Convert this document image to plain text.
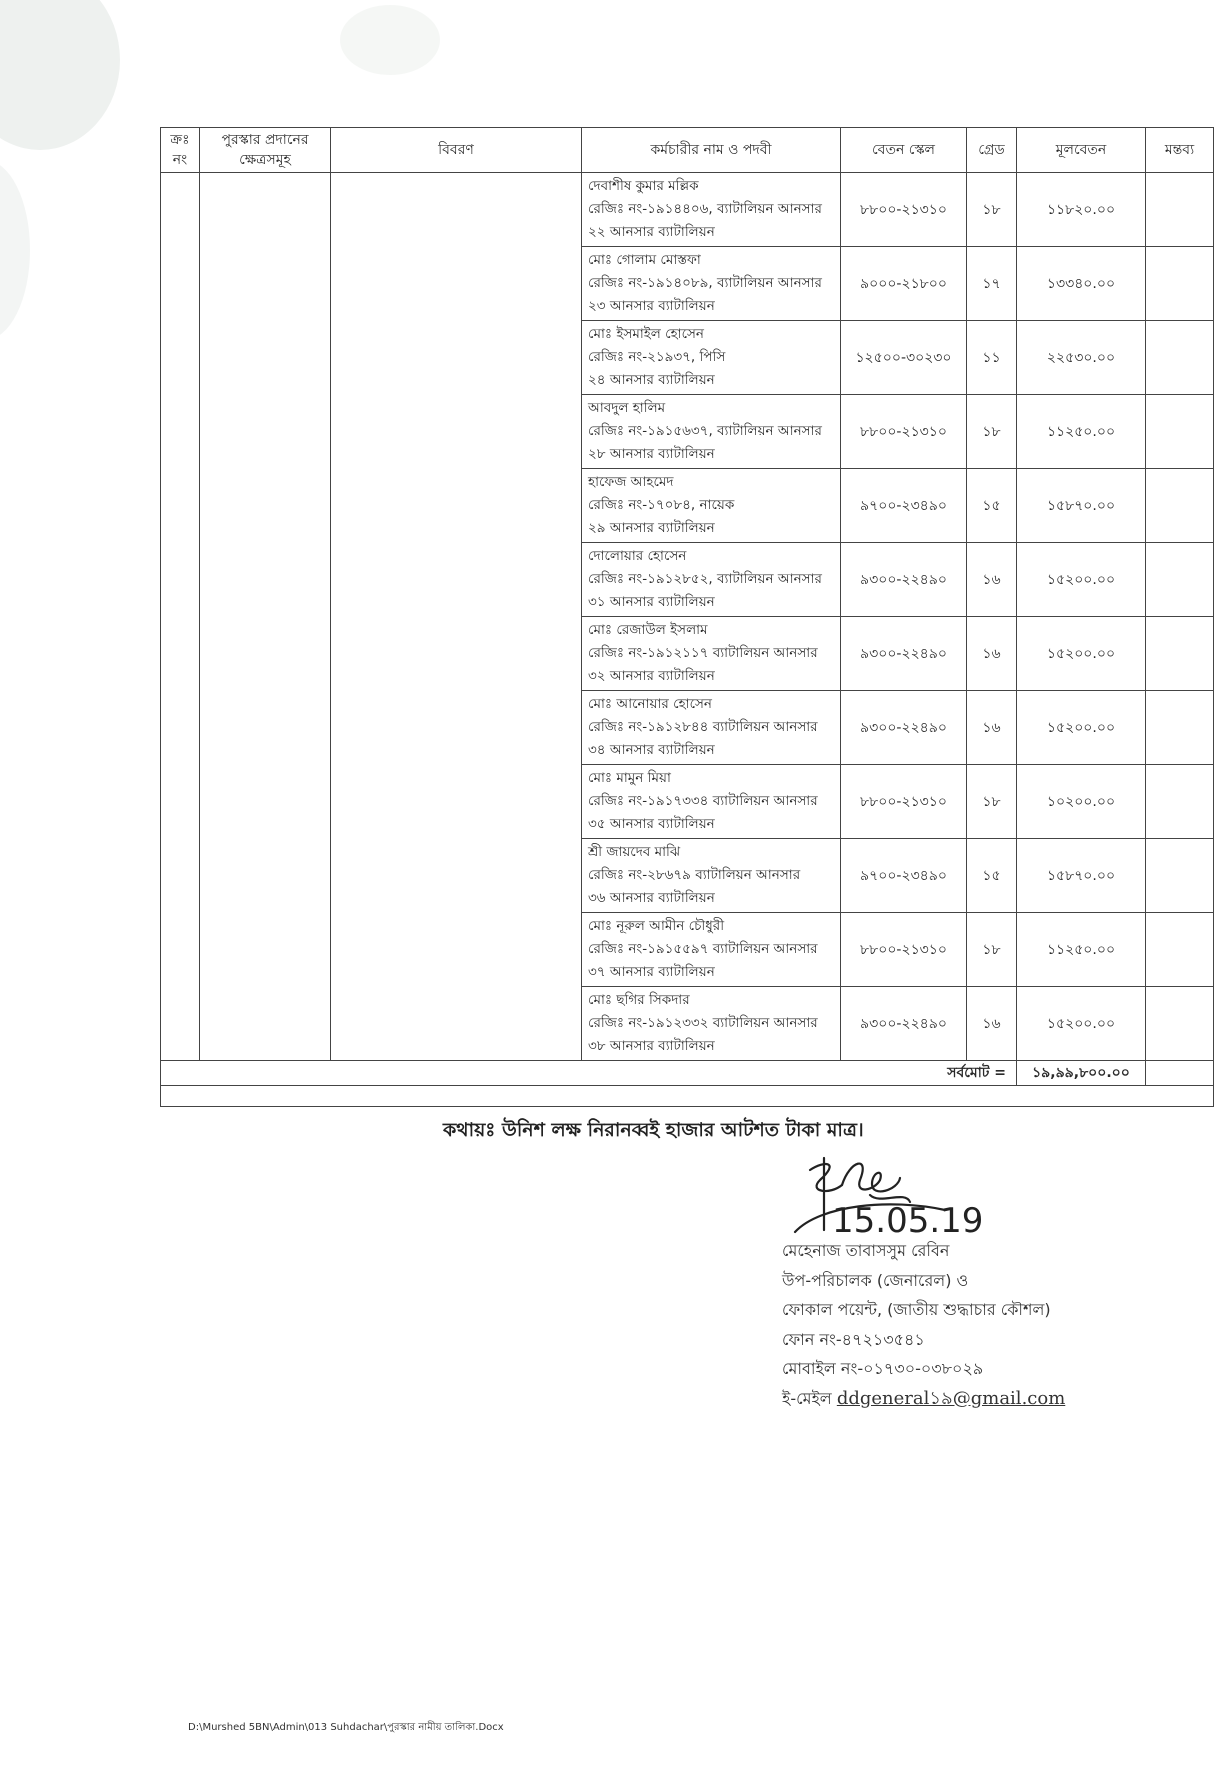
ক্রঃ নং	পুরস্কার প্রদানের ক্ষেত্রসমূহ	বিবরণ	কর্মচারীর নাম ও পদবী	বেতন স্কেল	গ্রেড	মূলবেতন	মন্তব্য

			দেবাশীষ কুমার মল্লিক
রেজিঃ নং-১৯১৪৪০৬, ব্যাটালিয়ন আনসার
২২ আনসার ব্যাটালিয়ন	৮৮০০-২১৩১০	১৮	১১৮২০.০০	

			মোঃ গোলাম মোস্তফা
রেজিঃ নং-১৯১৪০৮৯, ব্যাটালিয়ন আনসার
২৩ আনসার ব্যাটালিয়ন	৯০০০-২১৮০০	১৭	১৩৩৪০.০০	

			মোঃ ইসমাইল হোসেন
রেজিঃ নং-২১৯৩৭, পিসি
২৪ আনসার ব্যাটালিয়ন	১২৫০০-৩০২৩০	১১	২২৫৩০.০০	

			আবদুল হালিম
রেজিঃ নং-১৯১৫৬৩৭, ব্যাটালিয়ন আনসার
২৮ আনসার ব্যাটালিয়ন	৮৮০০-২১৩১০	১৮	১১২৫০.০০	

			হাফেজ আহমেদ
রেজিঃ নং-১৭০৮৪, নায়েক
২৯ আনসার ব্যাটালিয়ন	৯৭০০-২৩৪৯০	১৫	১৫৮৭০.০০	

			দোলোয়ার হোসেন
রেজিঃ নং-১৯১২৮৫২, ব্যাটালিয়ন আনসার
৩১ আনসার ব্যাটালিয়ন	৯৩০০-২২৪৯০	১৬	১৫২০০.০০	

			মোঃ রেজাউল ইসলাম
রেজিঃ নং-১৯১২১১৭ ব্যাটালিয়ন আনসার
৩২ আনসার ব্যাটালিয়ন	৯৩০০-২২৪৯০	১৬	১৫২০০.০০	

			মোঃ আনোয়ার হোসেন
রেজিঃ নং-১৯১২৮৪৪ ব্যাটালিয়ন আনসার
৩৪ আনসার ব্যাটালিয়ন	৯৩০০-২২৪৯০	১৬	১৫২০০.০০	

			মোঃ মামুন মিয়া
রেজিঃ নং-১৯১৭৩৩৪ ব্যাটালিয়ন আনসার
৩৫ আনসার ব্যাটালিয়ন	৮৮০০-২১৩১০	১৮	১০২০০.০০	

			শ্রী জায়দেব মাঝি
রেজিঃ নং-২৮৬৭৯ ব্যাটালিয়ন আনসার
৩৬ আনসার ব্যাটালিয়ন	৯৭০০-২৩৪৯০	১৫	১৫৮৭০.০০	

			মোঃ নূরুল আমীন চৌধুরী
রেজিঃ নং-১৯১৫৫৯৭ ব্যাটালিয়ন আনসার
৩৭ আনসার ব্যাটালিয়ন	৮৮০০-২১৩১০	১৮	১১২৫০.০০	

			মোঃ ছগির সিকদার
রেজিঃ নং-১৯১২৩৩২ ব্যাটালিয়ন আনসার
৩৮ আনসার ব্যাটালিয়ন	৯৩০০-২২৪৯০	১৬	১৫২০০.০০	
সর্বমোট =						১৯,৯৯,৮০০.০০	

কথায়ঃ উনিশ লক্ষ নিরানব্বই হাজার আটশত টাকা মাত্র।
15.05.19
মেহেনাজ তাবাসসুম রেবিন
উপ-পরিচালক (জেনারেল) ও
ফোকাল পয়েন্ট, (জাতীয় শুদ্ধাচার কৌশল)
ফোন নং-৪৭২১৩৫৪১
মোবাইল নং-০১৭৩০-০৩৮০২৯
ই-মেইল ddgeneral১৯@gmail.com
D:\Murshed 5BN\Admin\013 Suhdachar\পুরস্কার নামীয় তালিকা.Docx
